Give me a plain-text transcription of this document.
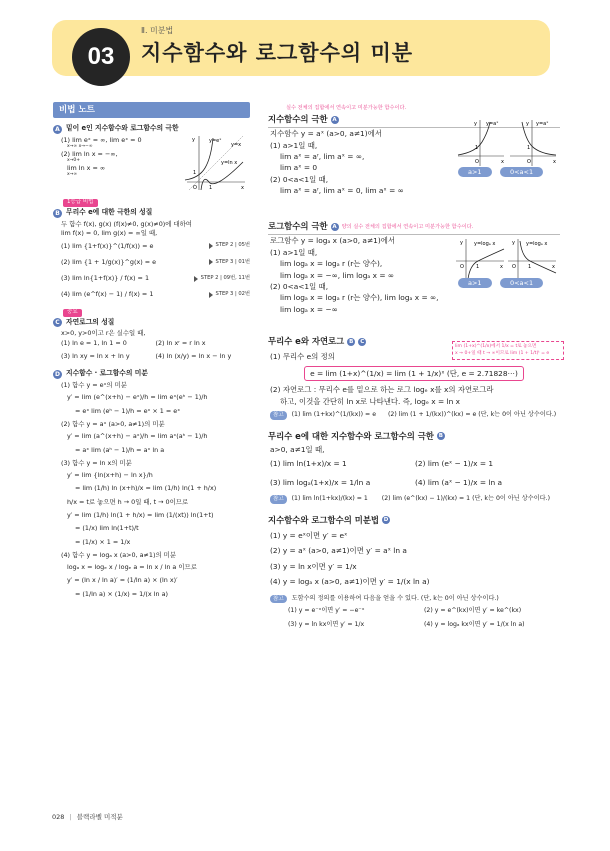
03
Ⅱ. 미분법
지수함수와 로그함수의 미분
비법 노트
A 밑이 e인 지수함수와 로그함수의 극한
(1) lim eˣ = ∞, lim eˣ = 0
x→∞ x→−∞
(2) lim ln x = −∞,
x→0+
lim ln x = ∞
x→∞
y	y=eˣ
y=x
y=ln x
1
O 1	x
1등급 비법
B 무리수 e에 대한 극한의 성질
두 함수 f(x), g(x) (f(x)≠0, g(x)≠0)에 대하여
lim f(x) = 0, lim g(x) = ∞일 때,
(1) lim {1+f(x)}^(1/f(x)) = e	STEP 2 | 05번
(2) lim {1 + 1/g(x)}^g(x) = e	STEP 3 | 01번
(3) lim ln{1+f(x)} / f(x) = 1	STEP 2 | 09번, 11번
(4) lim (e^f(x) − 1) / f(x) = 1	STEP 3 | 02번
중요
C 자연로그의 성질
x>0, y>0이고 r은 실수일 때,
(1) ln e = 1, ln 1 = 0	(2) ln xʳ = r ln x
(3) ln xy = ln x + ln y	(4) ln (x/y) = ln x − ln y
D 지수함수 · 로그함수의 미분
(1) 함수 y = eˣ의 미분
y′ = lim (e^(x+h) − eˣ)/h = lim eˣ(eʰ − 1)/h
= eˣ lim (eʰ − 1)/h = eˣ × 1 = eˣ
(2) 함수 y = aˣ (a>0, a≠1)의 미분
y′ = lim (a^(x+h) − aˣ)/h = lim aˣ(aʰ − 1)/h
= aˣ lim (aʰ − 1)/h = aˣ ln a
(3) 함수 y = ln x의 미분
y′ = lim {ln(x+h) − ln x}/h
= lim (1/h) ln (x+h)/x = lim (1/h) ln(1 + h/x)
h/x = t로 놓으면 h → 0일 때, t → 0이므로
y′ = lim (1/h) ln(1 + h/x) = lim (1/(xt)) ln(1+t)
= (1/x) lim ln(1+t)/t
= (1/x) × 1 = 1/x
(4) 함수 y = logₐ x (a>0, a≠1)의 미분
logₐ x = logₑ x / logₑ a = ln x / ln a 이므로
y′ = (ln x / ln a)′ = (1/ln a) × (ln x)′
= (1/ln a) × (1/x) = 1/(x ln a)
실수 전체의 집합에서 연속이고 미분가능한 함수이다.
지수함수의 극한 A
지수함수 y = aˣ (a>0, a≠1)에서
(1) a>1일 때,
lim aˣ = aʳ, lim aˣ = ∞,
lim aˣ = 0
(2) 0<a<1일 때,
lim aˣ = aʳ, lim aˣ = 0, lim aˣ = ∞
y y=aˣ
1
O	x
y y=aˣ
1
O	x
a>1	0<a<1
로그함수의 극한 A 양의 실수 전체의 집합에서 연속이고 미분가능한 함수이다.
로그함수 y = logₐ x (a>0, a≠1)에서
(1) a>1일 때,
lim logₐ x = logₐ r (r는 양수),
lim logₐ x = −∞, lim logₐ x = ∞
(2) 0<a<1일 때,
lim logₐ x = logₐ r (r는 양수), lim logₐ x = ∞,
lim logₐ x = −∞
y y=logₐ x
O 1	x
y y=logₐ x
O 1	x
a>1	0<a<1
무리수 e와 자연로그 B	C
lim (1+x)^(1/x)에서 1/x = t로 놓으면
x → 0+일 때 t → ∞이므로 lim (1 + 1/t)ᵗ = e
(1) 무리수 e의 정의
e = lim (1+x)^(1/x) = lim (1 + 1/x)ˣ (단, e = 2.71828⋯)
(2) 자연로그 : 무리수 e를 밑으로 하는 로그 logₑ x를 x의 자연로그라
하고, 이것을 간단히 ln x로 나타낸다. 즉, logₑ x = ln x
참고 (1) lim (1+kx)^(1/(kx)) = e (2) lim (1 + 1/(kx))^(kx) = e (단, k는 0이 아닌 상수이다.)
무리수 e에 대한 지수함수와 로그함수의 극한 B
a>0, a≠1일 때,
(1) lim ln(1+x)/x = 1	(2) lim (eˣ − 1)/x = 1
(3) lim logₐ(1+x)/x = 1/ln a	(4) lim (aˣ − 1)/x = ln a
참고 (1) lim ln(1+kx)/(kx) = 1 (2) lim (e^(kx) − 1)/(kx) = 1 (단, k는 0이 아닌 상수이다.)
지수함수와 로그함수의 미분법 D
(1) y = eˣ이면 y′ = eˣ
(2) y = aˣ (a>0, a≠1)이면 y′ = aˣ ln a
(3) y = ln x이면 y′ = 1/x
(4) y = logₐ x (a>0, a≠1)이면 y′ = 1/(x ln a)
참고 도함수의 정의를 이용하여 다음을 얻을 수 있다. (단, k는 0이 아닌 상수이다.)
(1) y = e⁻ˣ이면 y′ = −e⁻ˣ	(2) y = e^(kx)이면 y′ = ke^(kx)
(3) y = ln kx이면 y′ = 1/x	(4) y = logₐ kx이면 y′ = 1/(x ln a)
028 | 블랙라벨 미적분
